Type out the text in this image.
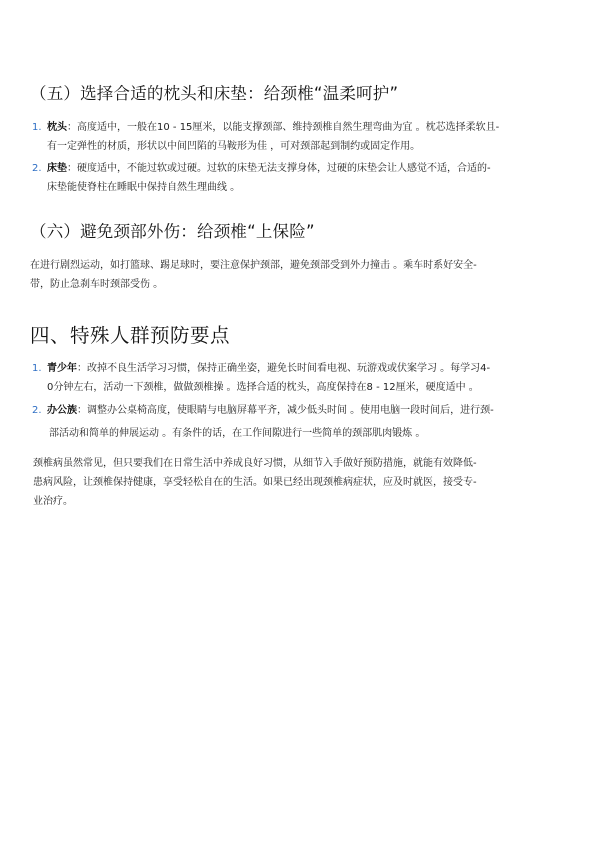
（五）选择合适的枕头和床垫：给颈椎“温柔呵护”
1. 枕头：高度适中，一般在10 - 15厘米，以能支撑颈部、维持颈椎自然生理弯曲为宜 。枕芯选择柔软且-
有一定弹性的材质，形状以中间凹陷的马鞍形为佳 ，可对颈部起到制约或固定作用。
2. 床垫：硬度适中，不能过软或过硬。过软的床垫无法支撑身体，过硬的床垫会让人感觉不适，合适的-
床垫能使脊柱在睡眠中保持自然生理曲线 。
（六）避免颈部外伤：给颈椎“上保险”
在进行剧烈运动，如打篮球、踢足球时，要注意保护颈部，避免颈部受到外力撞击 。乘车时系好安全-
带，防止急刹车时颈部受伤 。
四、特殊人群预防要点
1. 青少年：改掉不良生活学习习惯，保持正确坐姿，避免长时间看电视、玩游戏或伏案学习 。每学习4-
0分钟左右，活动一下颈椎，做做颈椎操 。选择合适的枕头，高度保持在8 - 12厘米，硬度适中 。
2. 办公族：调整办公桌椅高度，使眼睛与电脑屏幕平齐，减少低头时间 。使用电脑一段时间后，进行颈-
部活动和简单的伸展运动 。有条件的话，在工作间隙进行一些简单的颈部肌肉锻炼 。
颈椎病虽然常见，但只要我们在日常生活中养成良好习惯，从细节入手做好预防措施，就能有效降低-
患病风险，让颈椎保持健康，享受轻松自在的生活。如果已经出现颈椎病症状，应及时就医，接受专-
业治疗。
